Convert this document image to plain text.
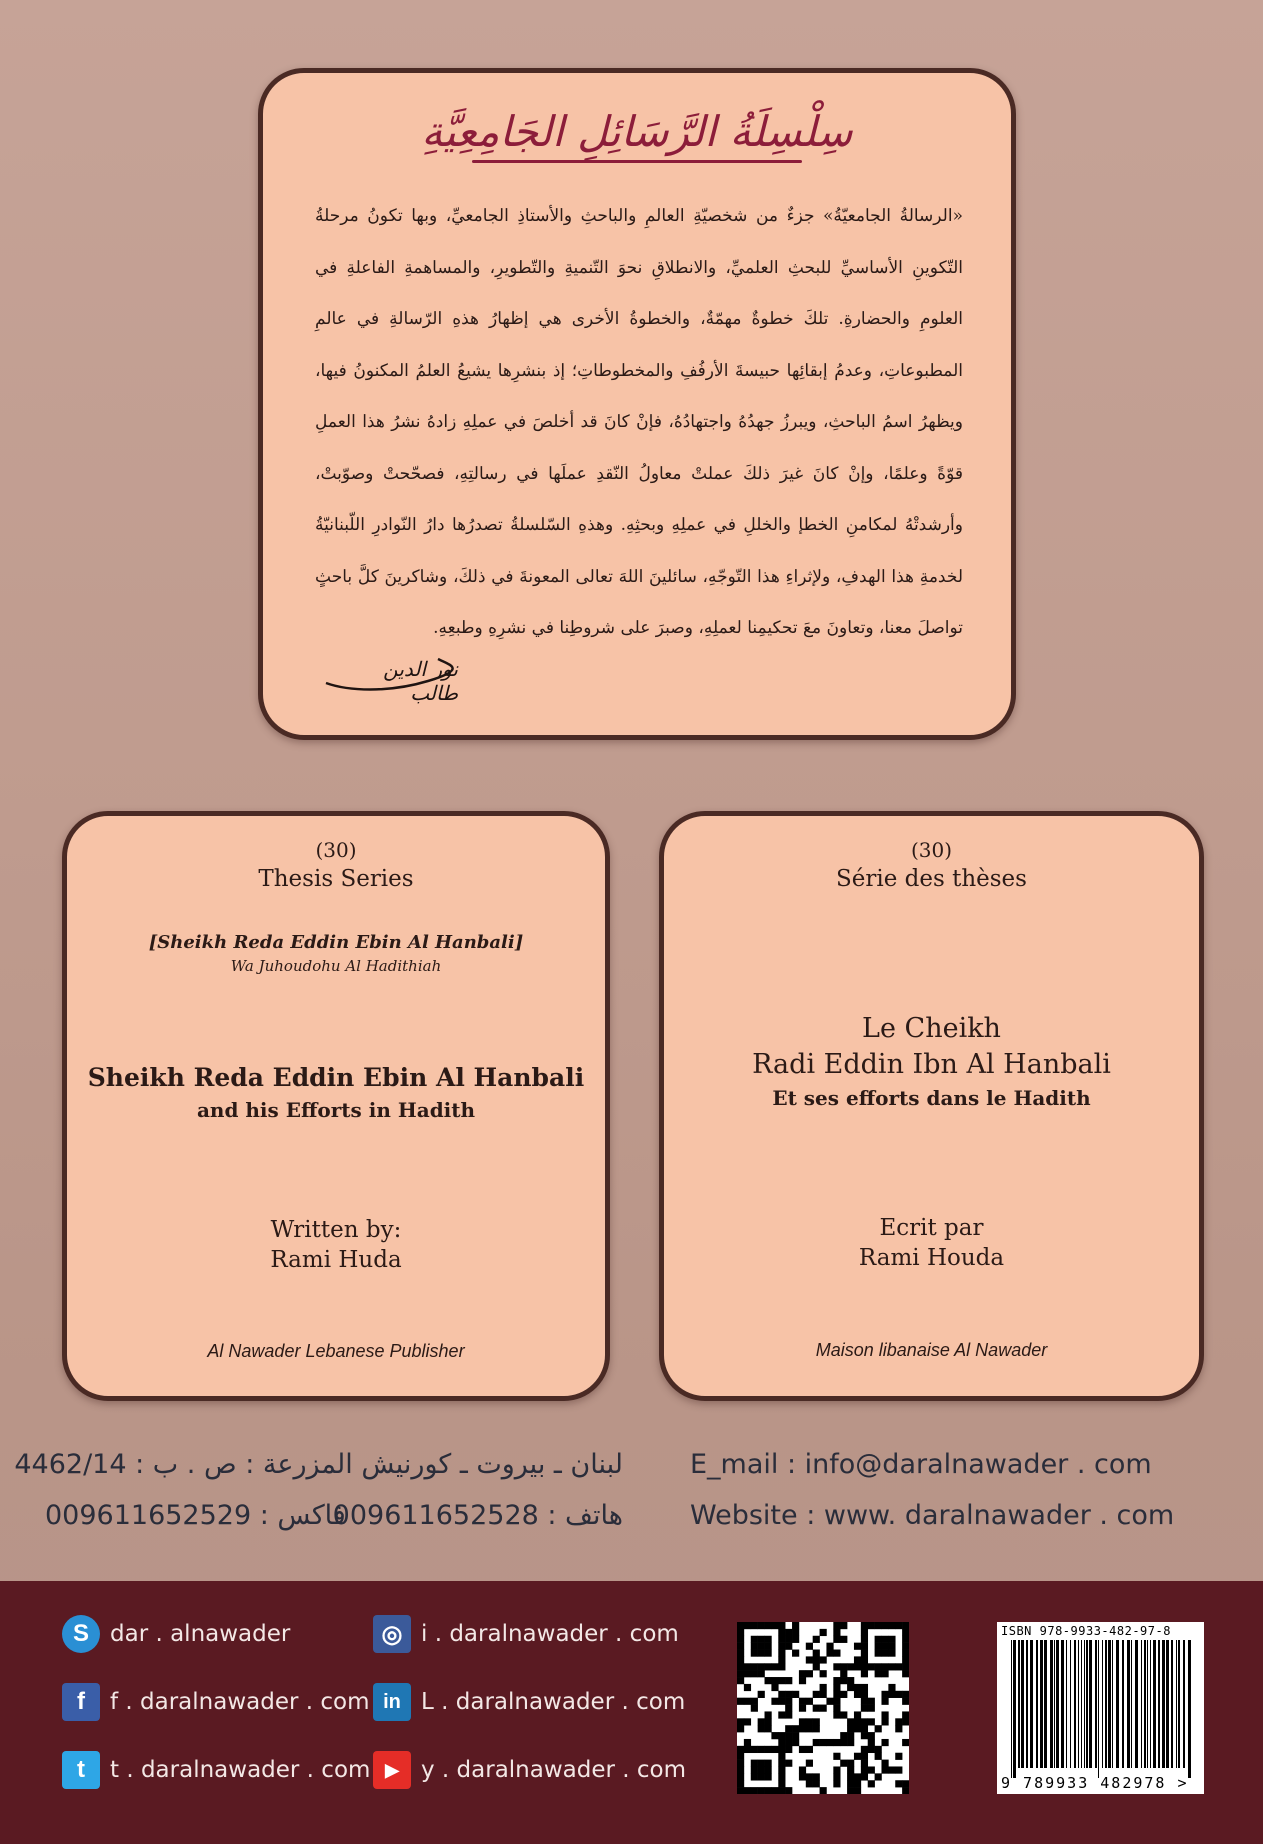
سِلْسِلَةُ الرَّسَائِلِ الجَامِعِيَّةِ
«الرسالةُ الجامعيّةُ» جزءٌ من شخصيّةِ العالمِ والباحثِ والأستاذِ الجامعيِّ، وبها تكونُ مرحلةُ التّكوينِ الأساسيِّ للبحثِ العلميِّ، والانطلاقِ نحوَ التّنميةِ والتّطويرِ، والمساهمةِ الفاعلةِ في العلومِ والحضارةِ. تلكَ خطوةٌ مهمّةٌ، والخطوةُ الأخرى هي إظهارُ هذهِ الرّسالةِ في عالمِ المطبوعاتِ، وعدمُ إبقائِها حبيسةَ الأرفُفِ والمخطوطاتِ؛ إذ بنشرِها يشيعُ العلمُ المكنونُ فيها، ويظهرُ اسمُ الباحثِ، ويبرزُ جهدُهُ واجتهادُهُ، فإنْ كانَ قد أخلصَ في عملِهِ زادهُ نشرُ هذا العملِ قوّةً وعلمًا، وإنْ كانَ غيرَ ذلكَ عملتْ معاولُ النّقدِ عملَها في رسالتِهِ، فصحّحتْ وصوّبتْ، وأرشدتْهُ لمكامنِ الخطإ والخللِ في عملِهِ وبحثِهِ. وهذهِ السّلسلةُ تصدرُها دارُ النّوادرِ اللّبنانيّةُ لخدمةِ هذا الهدفِ، ولإثراءِ هذا التّوجّهِ، سائلينَ اللهَ تعالى المعونةَ في ذلكَ، وشاكرينَ كلَّ باحثٍ تواصلَ معنا، وتعاونَ معَ تحكيمِنا لعملِهِ، وصبرَ على شروطِنا في نشرِهِ وطبعِهِ.
نور الدين طالب
(30)
Thesis Series
[Sheikh Reda Eddin Ebin Al Hanbali]
Wa Juhoudohu Al Hadithiah
Sheikh Reda Eddin Ebin Al Hanbali
and his Efforts in Hadith
Written by:
Rami Huda
Al Nawader Lebanese Publisher
(30)
Série des thèses
Le Cheikh
Radi Eddin Ibn Al Hanbali
Et ses efforts dans le Hadith
Ecrit par
Rami Houda
Maison libanaise Al Nawader
لبنان ـ بيروت ـ كورنيش المزرعة : ص . ب : 4462/14
هاتف : 009611652528
فاكس : 009611652529
E_mail : info@daralnawader . com
Website : www. daralnawader . com
S dar . alnawader	◎ i . daralnawader . com
f	f . daralnawader . com in L . daralnawader . com
t	t . daralnawader . com ▶ y . daralnawader . com
ISBN 978-9933-482-97-8
9 789933 482978 >
